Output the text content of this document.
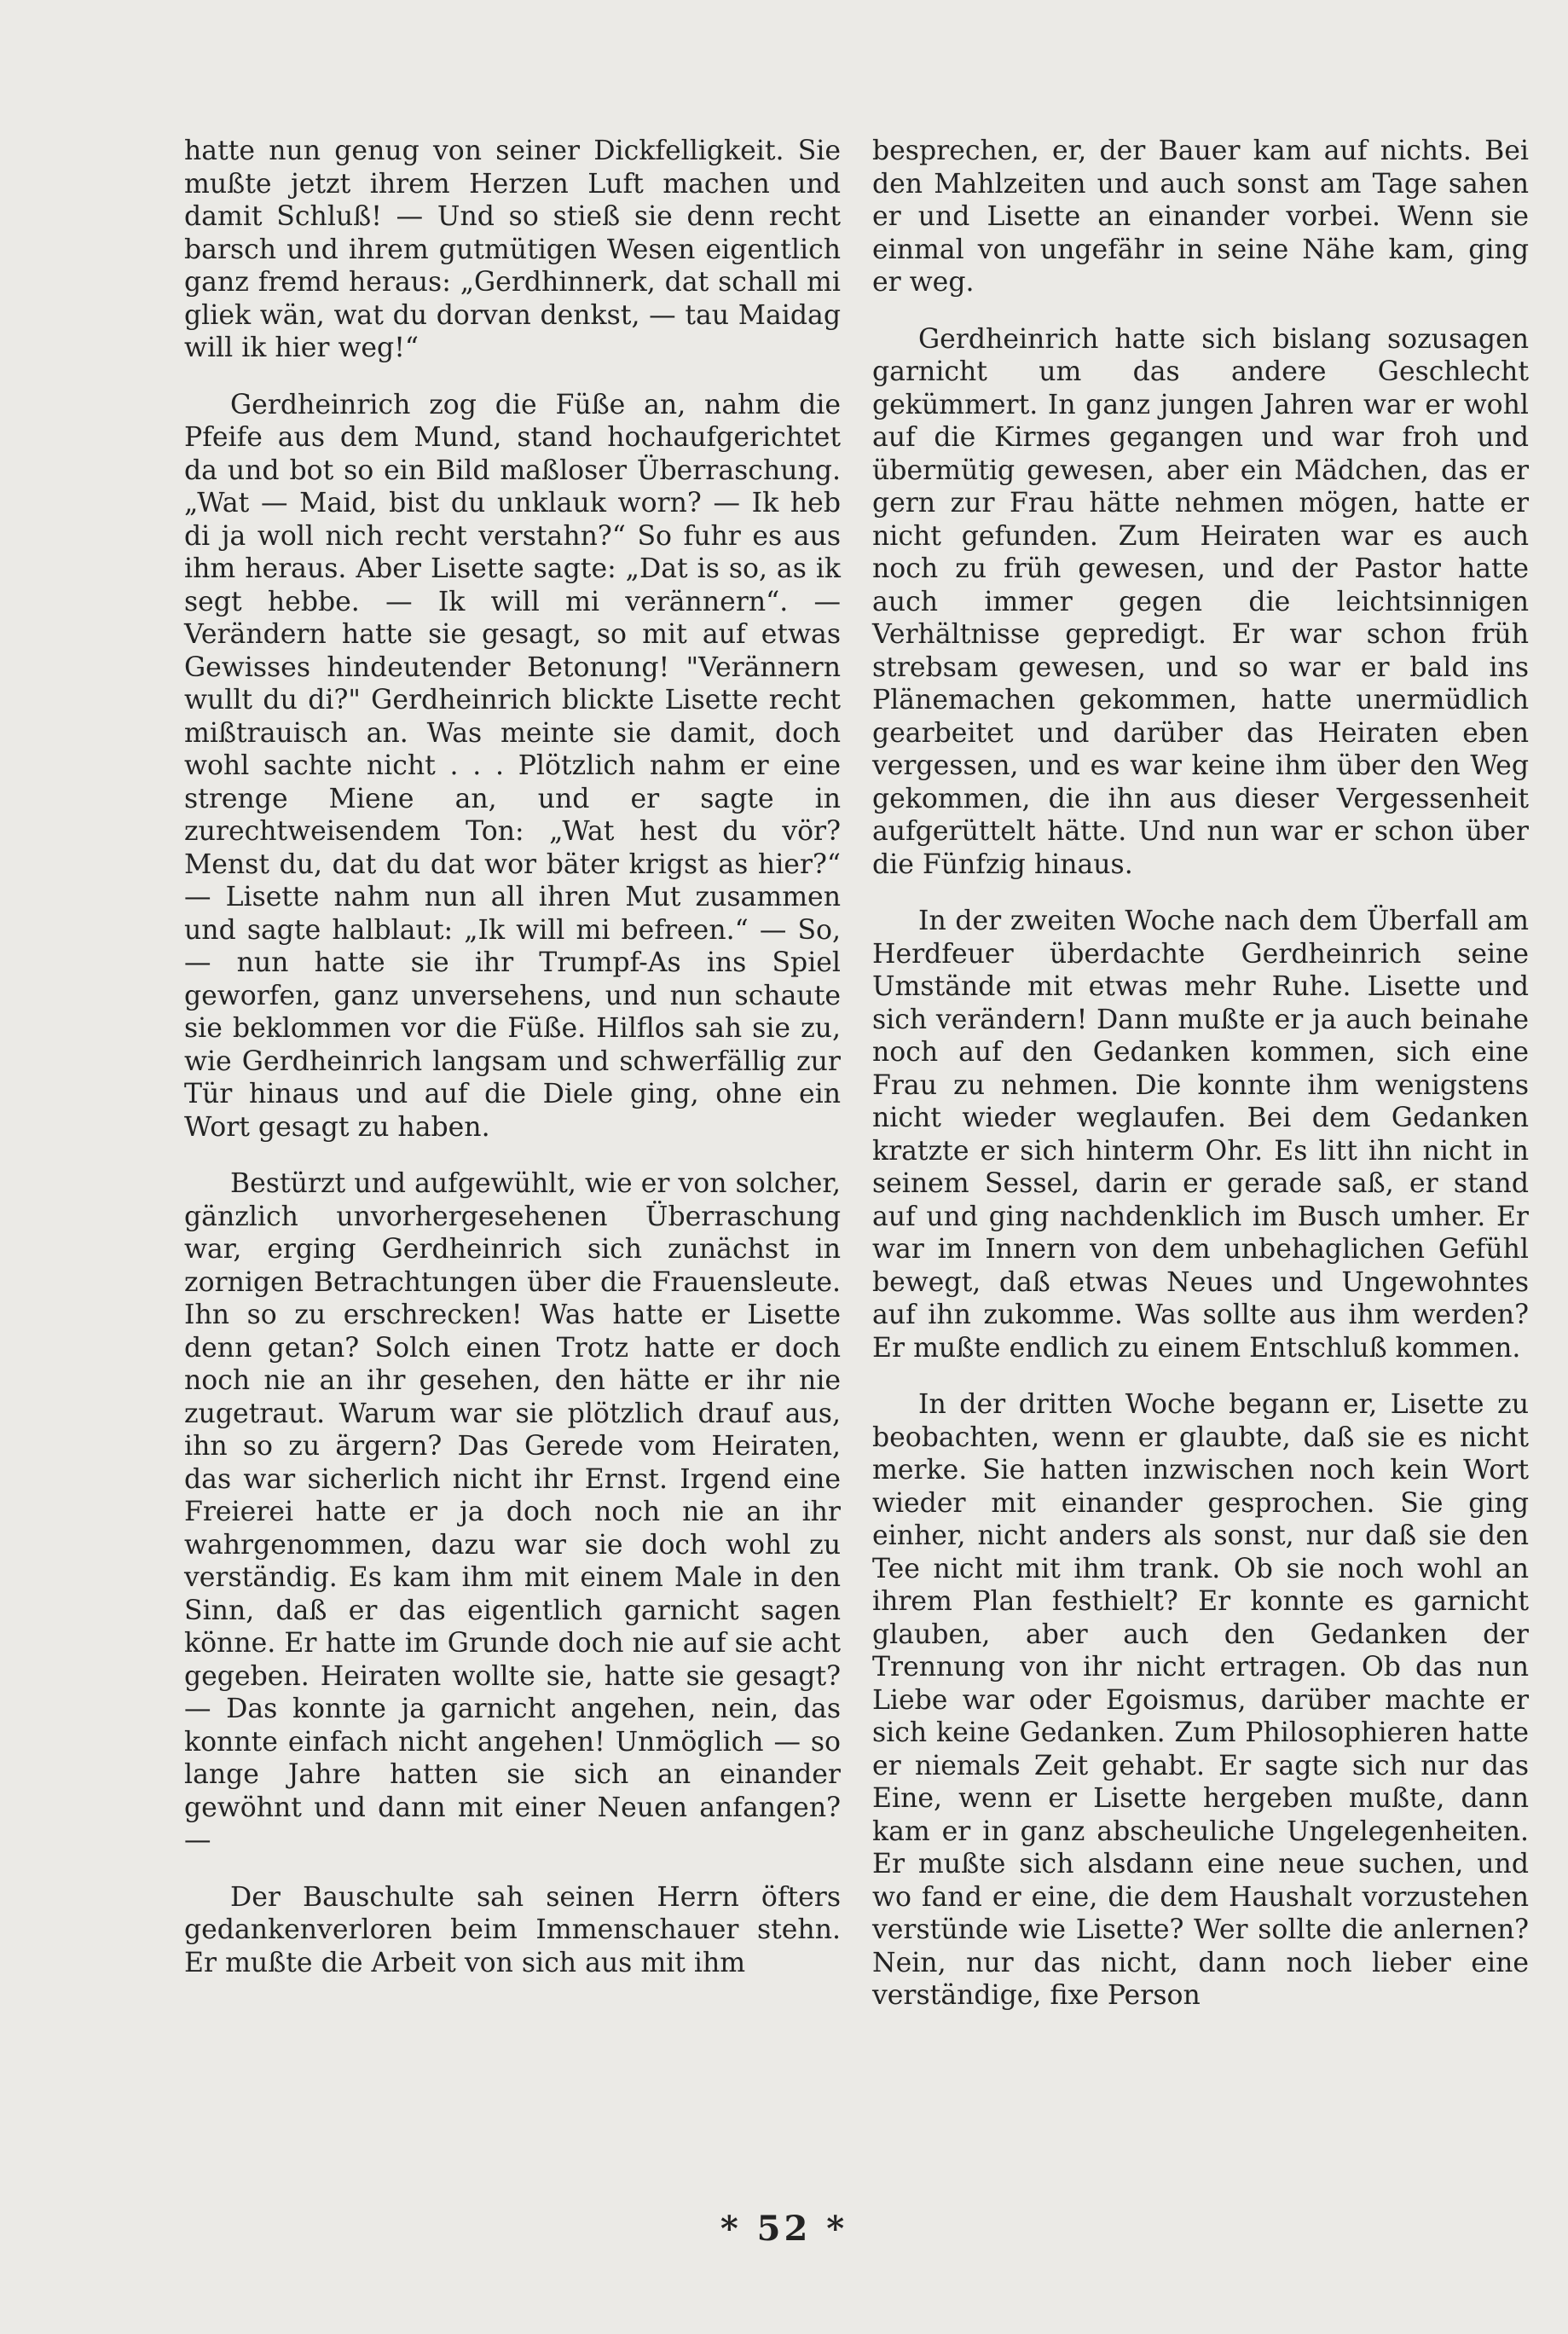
hatte nun genug von seiner Dickfelligkeit. Sie mußte jetzt ihrem Herzen Luft machen und damit Schluß! — Und so stieß sie denn recht barsch und ihrem gutmütigen Wesen eigentlich ganz fremd heraus: „Gerdhinnerk, dat schall mi gliek wän, wat du dorvan denkst, — tau Maidag will ik hier weg!“

Gerdheinrich zog die Füße an, nahm die Pfeife aus dem Mund, stand hochaufgerichtet da und bot so ein Bild maßloser Überraschung. „Wat — Maid, bist du unklauk worn? — Ik heb di ja woll nich recht verstahn?“ So fuhr es aus ihm heraus. Aber Lisette sagte: „Dat is so, as ik segt hebbe. — Ik will mi verännern“. — Verändern hatte sie gesagt, so mit auf etwas Gewisses hindeutender Betonung! "Verännern wullt du di?" Gerdheinrich blickte Lisette recht mißtrauisch an. Was meinte sie damit, doch wohl sachte nicht . . . Plötzlich nahm er eine strenge Miene an, und er sagte in zurechtweisendem Ton: „Wat hest du vör? Menst du, dat du dat wor bäter krigst as hier?“ — Lisette nahm nun all ihren Mut zusammen und sagte halblaut: „Ik will mi befreen.“ — So, — nun hatte sie ihr Trumpf-As ins Spiel geworfen, ganz unversehens, und nun schaute sie beklommen vor die Füße. Hilflos sah sie zu, wie Gerdheinrich langsam und schwerfällig zur Tür hinaus und auf die Diele ging, ohne ein Wort gesagt zu haben.

Bestürzt und aufgewühlt, wie er von solcher, gänzlich unvorhergesehenen Überraschung war, erging Gerdheinrich sich zunächst in zornigen Betrachtungen über die Frauensleute. Ihn so zu erschrecken! Was hatte er Lisette denn getan? Solch einen Trotz hatte er doch noch nie an ihr gesehen, den hätte er ihr nie zugetraut. Warum war sie plötzlich drauf aus, ihn so zu ärgern? Das Gerede vom Heiraten, das war sicherlich nicht ihr Ernst. Irgend eine Freierei hatte er ja doch noch nie an ihr wahrgenommen, dazu war sie doch wohl zu verständig. Es kam ihm mit einem Male in den Sinn, daß er das eigentlich garnicht sagen könne. Er hatte im Grunde doch nie auf sie acht gegeben. Heiraten wollte sie, hatte sie gesagt? — Das konnte ja garnicht angehen, nein, das konnte einfach nicht angehen! Unmöglich — so lange Jahre hatten sie sich an einander gewöhnt und dann mit einer Neuen anfangen? —

Der Bauschulte sah seinen Herrn öfters gedankenverloren beim Immenschauer stehn. Er mußte die Arbeit von sich aus mit ihm

besprechen, er, der Bauer kam auf nichts. Bei den Mahlzeiten und auch sonst am Tage sahen er und Lisette an einander vorbei. Wenn sie einmal von ungefähr in seine Nähe kam, ging er weg.

Gerdheinrich hatte sich bislang sozusagen garnicht um das andere Geschlecht gekümmert. In ganz jungen Jahren war er wohl auf die Kirmes gegangen und war froh und übermütig gewesen, aber ein Mädchen, das er gern zur Frau hätte nehmen mögen, hatte er nicht gefunden. Zum Heiraten war es auch noch zu früh gewesen, und der Pastor hatte auch immer gegen die leichtsinnigen Verhältnisse gepredigt. Er war schon früh strebsam gewesen, und so war er bald ins Plänemachen gekommen, hatte unermüdlich gearbeitet und darüber das Heiraten eben vergessen, und es war keine ihm über den Weg gekommen, die ihn aus dieser Vergessenheit aufgerüttelt hätte. Und nun war er schon über die Fünfzig hinaus.

In der zweiten Woche nach dem Überfall am Herdfeuer überdachte Gerdheinrich seine Umstände mit etwas mehr Ruhe. Lisette und sich verändern! Dann mußte er ja auch beinahe noch auf den Gedanken kommen, sich eine Frau zu nehmen. Die konnte ihm wenigstens nicht wieder weglaufen. Bei dem Gedanken kratzte er sich hinterm Ohr. Es litt ihn nicht in seinem Sessel, darin er gerade saß, er stand auf und ging nachdenklich im Busch umher. Er war im Innern von dem unbehaglichen Gefühl bewegt, daß etwas Neues und Ungewohntes auf ihn zukomme. Was sollte aus ihm werden? Er mußte endlich zu einem Entschluß kommen.

In der dritten Woche begann er, Lisette zu beobachten, wenn er glaubte, daß sie es nicht merke. Sie hatten inzwischen noch kein Wort wieder mit einander gesprochen. Sie ging einher, nicht anders als sonst, nur daß sie den Tee nicht mit ihm trank. Ob sie noch wohl an ihrem Plan festhielt? Er konnte es garnicht glauben, aber auch den Gedanken der Trennung von ihr nicht ertragen. Ob das nun Liebe war oder Egoismus, darüber machte er sich keine Gedanken. Zum Philosophieren hatte er niemals Zeit gehabt. Er sagte sich nur das Eine, wenn er Lisette hergeben mußte, dann kam er in ganz abscheuliche Ungelegenheiten. Er mußte sich alsdann eine neue suchen, und wo fand er eine, die dem Haushalt vorzustehen verstünde wie Lisette? Wer sollte die anlernen? Nein, nur das nicht, dann noch lieber eine verständige, fixe Person

* 52 *
